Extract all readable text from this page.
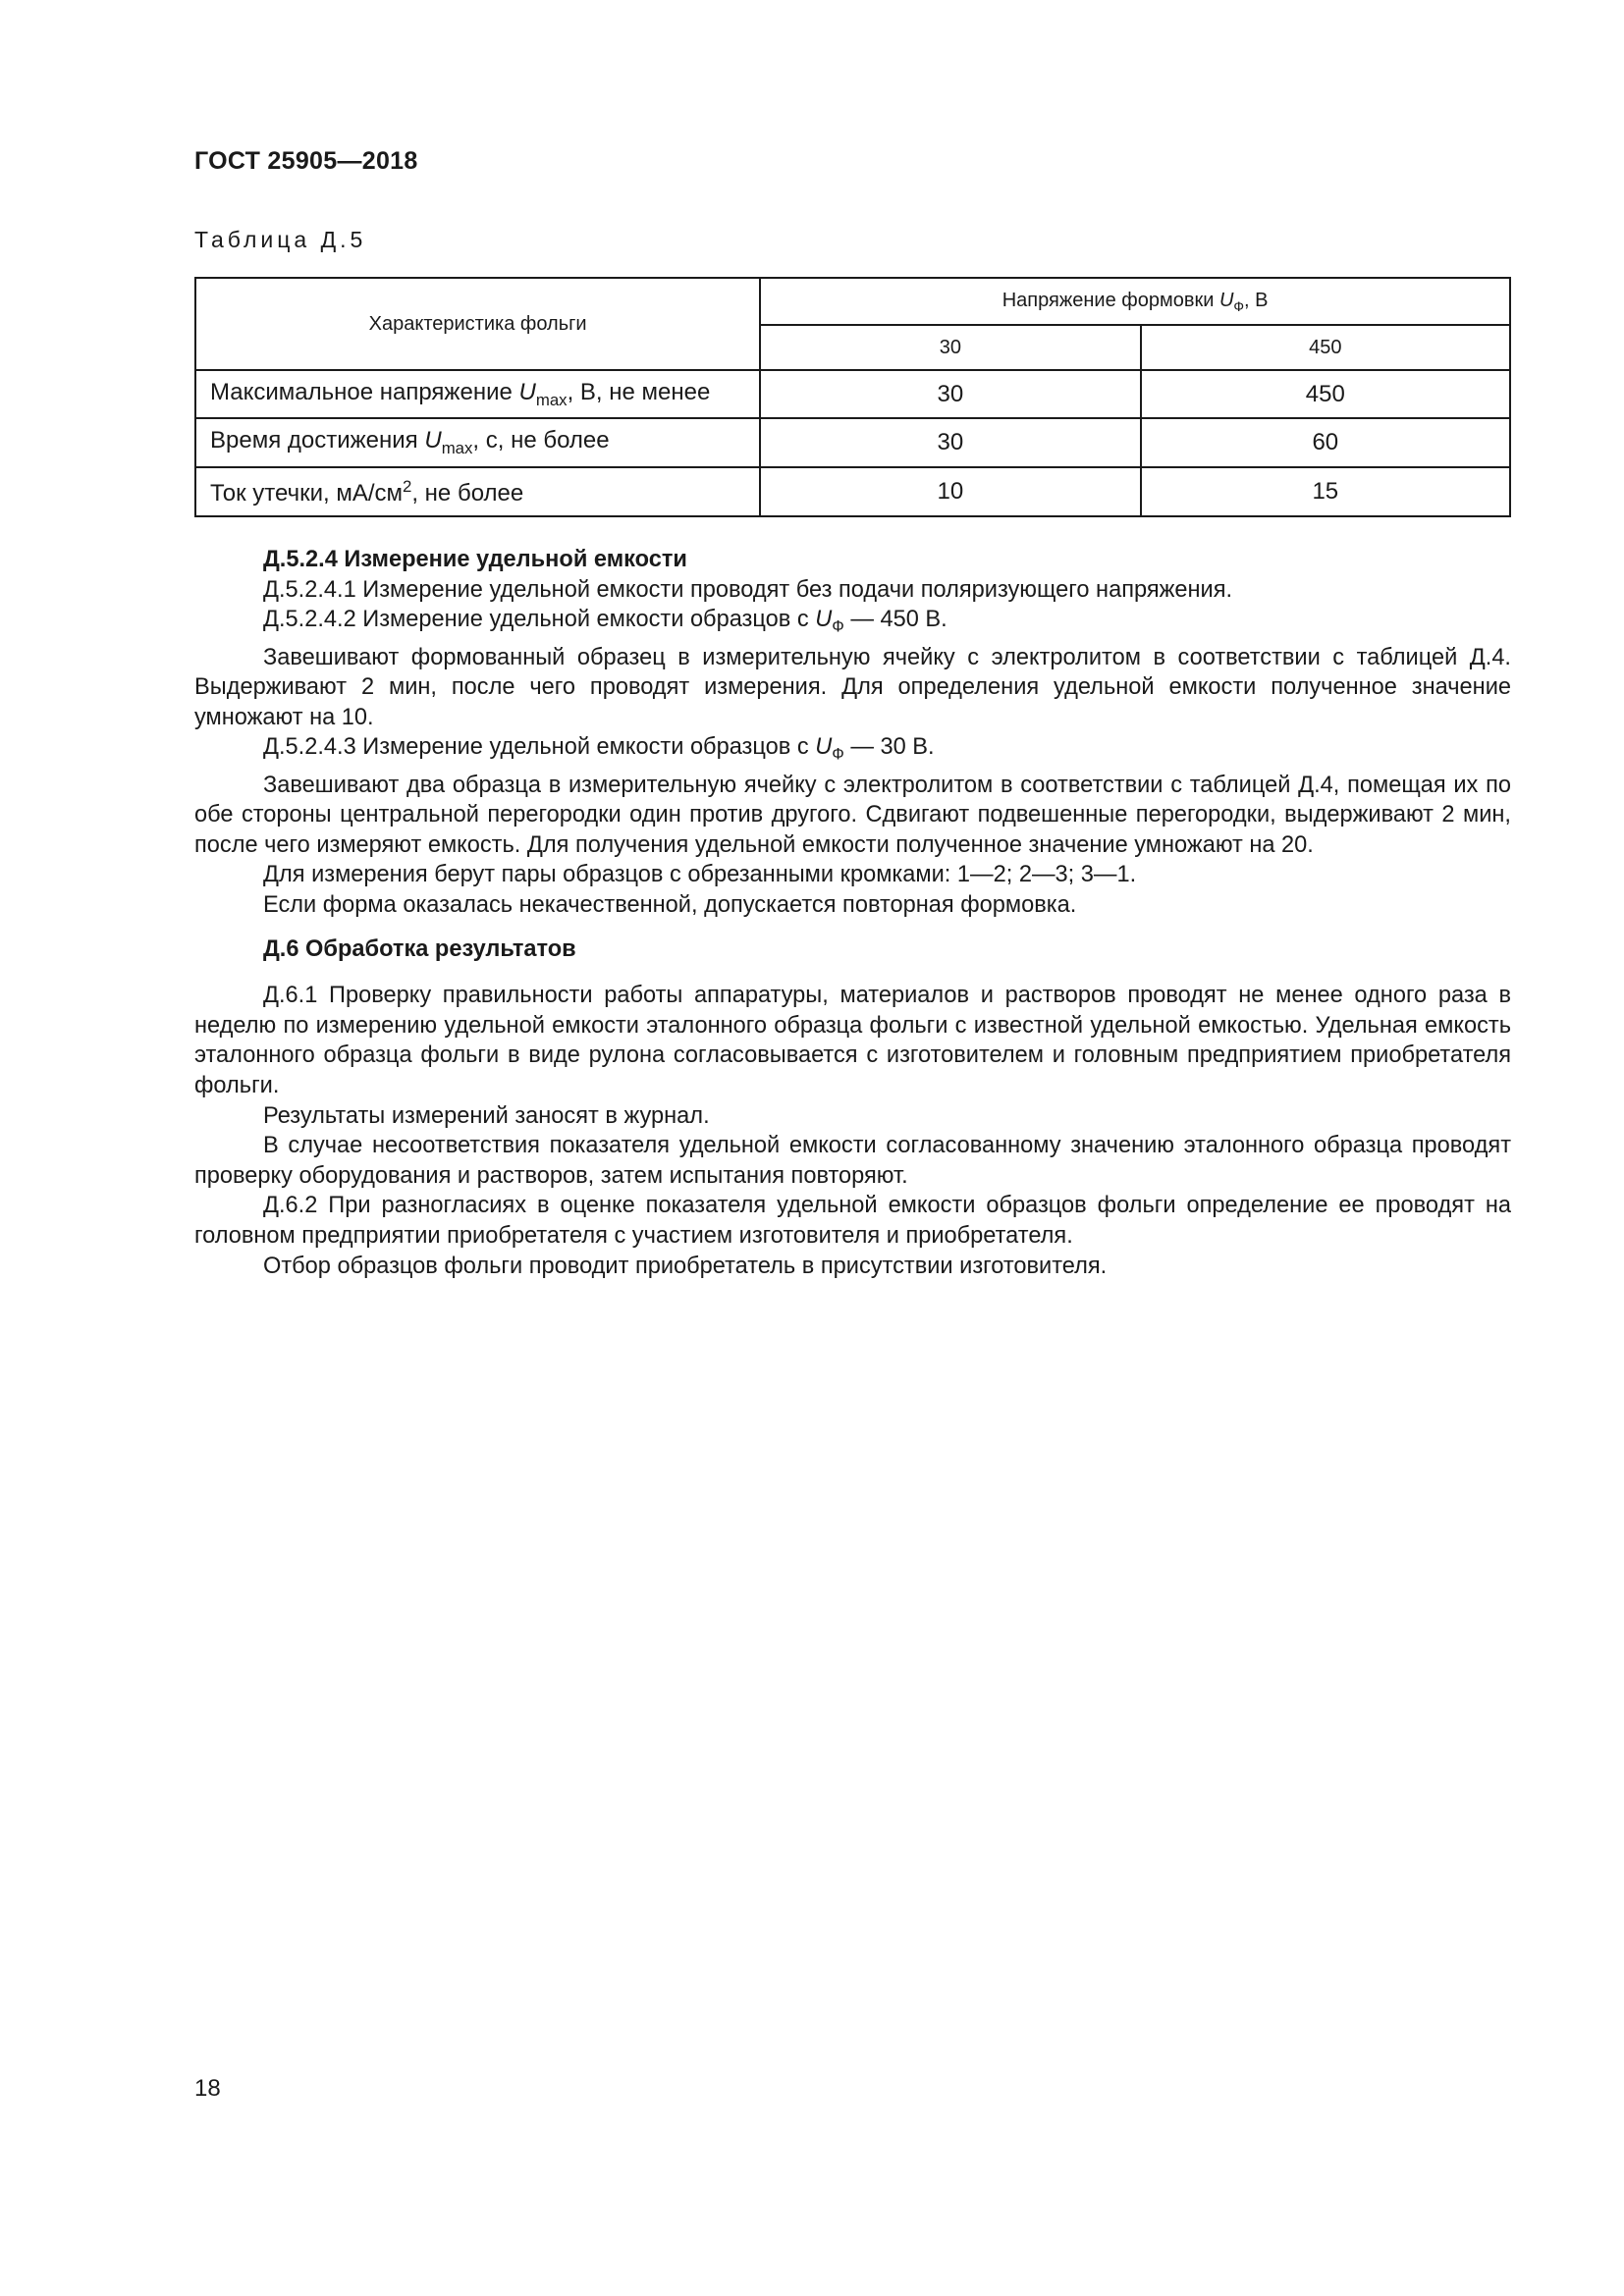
ГОСТ 25905—2018
Таблица Д.5
Характеристика фольги	Напряжение формовки $U_Ф$, В	
	30	450
Максимальное напряжение $U_{max}$, В, не менее	30	450
Время достижения $U_{max}$, с, не более	30	60
Ток утечки, $мА/см^2$, не более	10	15

Д.5.2.4 Измерение удельной емкости

Д.5.2.4.1 Измерение удельной емкости проводят без подачи поляризующего напряжения.

Д.5.2.4.2 Измерение удельной емкости образцов с $U_Ф$ — 450 В.

Завешивают формованный образец в измерительную ячейку с электролитом в соответствии с таблицей Д.4. Выдерживают 2 мин, после чего проводят измерения. Для определения удельной емкости полученное значение умножают на 10.

Д.5.2.4.3 Измерение удельной емкости образцов с $U_Ф$ — 30 В.

Завешивают два образца в измерительную ячейку с электролитом в соответствии с таблицей Д.4, помещая их по обе стороны центральной перегородки один против другого. Сдвигают подвешенные перегородки, выдерживают 2 мин, после чего измеряют емкость. Для получения удельной емкости полученное значение умножают на 20.

Для измерения берут пары образцов с обрезанными кромками: 1—2; 2—3; 3—1.

Если форма оказалась некачественной, допускается повторная формовка.

Д.6 Обработка результатов

Д.6.1 Проверку правильности работы аппаратуры, материалов и растворов проводят не менее одного раза в неделю по измерению удельной емкости эталонного образца фольги с известной удельной емкостью. Удельная емкость эталонного образца фольги в виде рулона согласовывается с изготовителем и головным предприятием приобретателя фольги.

Результаты измерений заносят в журнал.

В случае несоответствия показателя удельной емкости согласованному значению эталонного образца проводят проверку оборудования и растворов, затем испытания повторяют.

Д.6.2 При разногласиях в оценке показателя удельной емкости образцов фольги определение ее проводят на головном предприятии приобретателя с участием изготовителя и приобретателя.

Отбор образцов фольги проводит приобретатель в присутствии изготовителя.

18
